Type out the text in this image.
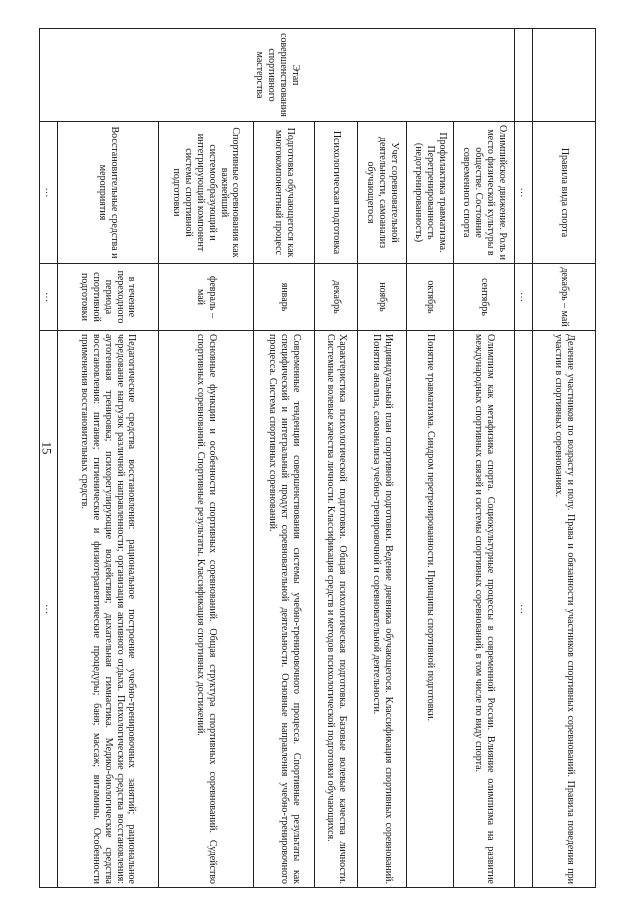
15
	Правила вида спорта	декабрь – май	Деление участников по возрасту и полу. Права и обязанности участников спортивных соревнований. Правила поведения при участии в спортивных соревнованиях.
	…	…	…
Этап совершенствования спортивного мастерства	Олимпийское движение. Роль и место физической культуры в обществе. Состояние современного спорта	сентябрь	Олимпизм как метафизика спорта. Социокультурные процессы в современной России. Влияние олимпизма на развитие международных спортивных связей и системы спортивных соревнований, в том числе по виду спорта.
	Профилактика травматизма. Перетренированность (недотренированность)	октябрь	Понятие травматизма. Синдром перетренированности. Принципы спортивной подготовки.
	Учет соревновательной деятельности, самоанализ обучающегося	ноябрь	Индивидуальный план спортивной подготовки. Ведение дневника обучающегося. Классификация спортивных соревнований. Понятия анализа, самоанализа учебно-тренировочной и соревновательной деятельности.
	Психологическая подготовка	декабрь	Характеристика психологической подготовки. Общая психологическая подготовка. Базовые волевые качества личности. Системные волевые качества личности. Классификация средств и методов психологической подготовки обучающихся.
	Подготовка обучающегося как многокомпонентный процесс	январь	Современные тенденции совершенствования системы учебно-тренировочного процесса. Спортивные результаты как специфический и интегральный продукт соревновательной деятельности. Основные направления учебно-тренировочного процесса. Система спортивных соревнований.
	Спортивные соревнования как важнейший системообразующий и интегрирующий компонент системы спортивной подготовки	февраль – май	Основные функции и особенности спортивных соревнований. Общая структура спортивных соревнований. Судейство спортивных соревнований. Спортивные результаты. Классификация спортивных достижений.
	Восстановительные средства и мероприятия	в течение переходного периода спортивной подготовки	Педагогические средства восстановления: рациональное построение учебно-тренировочных занятий; рациональное чередование нагрузок различной направленности; организация активного отдыха. Психологические средства восстановления: аутогенная тренировка; психорегулирующие воздействия; дыхательная гимнастика. Медико-биологические средства восстановления: питание; гигиенические и физиотерапевтические процедуры; баня; массаж; витамины. Особенности применения восстановительных средств.
	…	…	…
